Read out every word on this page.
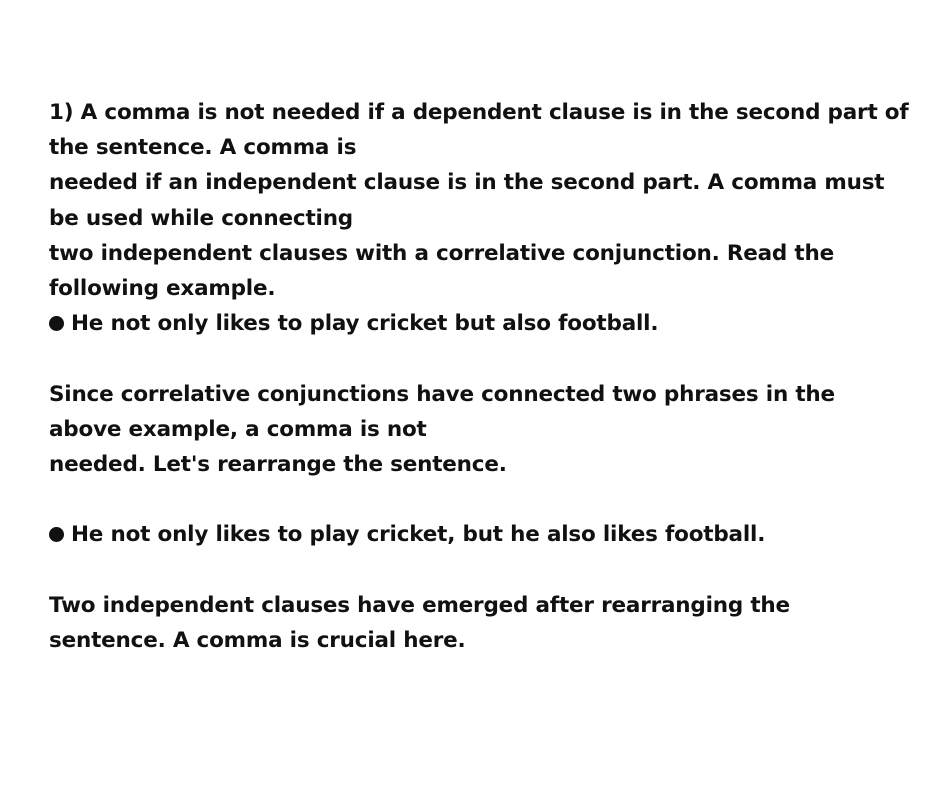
1) A comma is not needed if a dependent clause is in the second part of
the sentence. A comma is
needed if an independent clause is in the second part. A comma must
be used while connecting
two independent clauses with a correlative conjunction. Read the
following example.
He not only likes to play cricket but also football.
Since correlative conjunctions have connected two phrases in the
above example, a comma is not
needed. Let's rearrange the sentence.
He not only likes to play cricket, but he also likes football.
Two independent clauses have emerged after rearranging the
sentence. A comma is crucial here.
